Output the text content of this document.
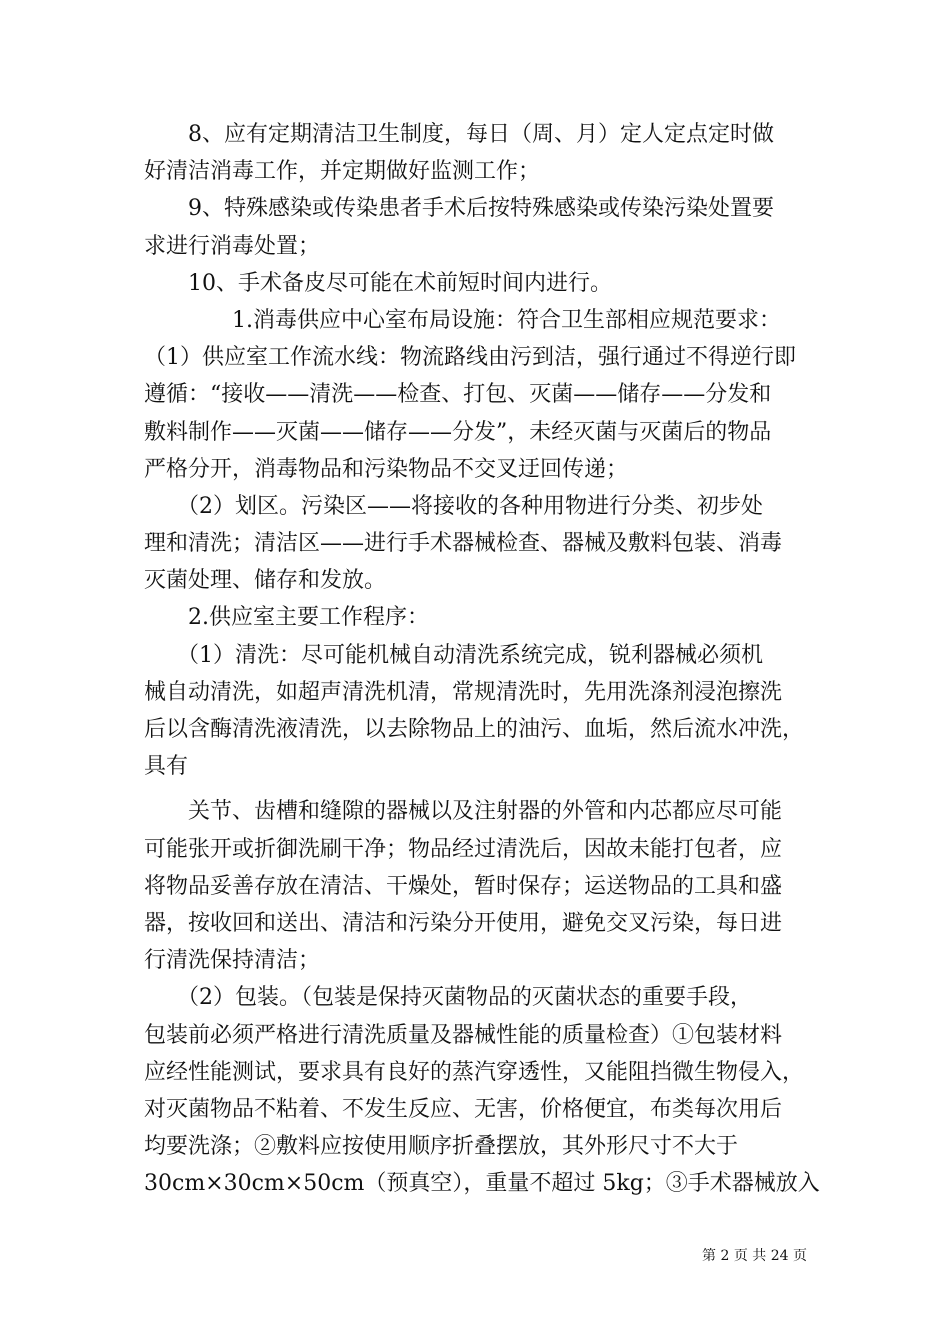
　　8、应有定期清洁卫生制度，每日（周、月）定人定点定时做
好清洁消毒工作，并定期做好监测工作；
　　9、特殊感染或传染患者手术后按特殊感染或传染污染处置要
求进行消毒处置；
　　10、手术备皮尽可能在术前短时间内进行。
　　　　1.消毒供应中心室布局设施：符合卫生部相应规范要求：
（1）供应室工作流水线：物流路线由污到洁，强行通过不得逆行即
遵循：“接收——清洗——检查、打包、灭菌——储存——分发和
敷料制作——灭菌——储存——分发”，未经灭菌与灭菌后的物品
严格分开，消毒物品和污染物品不交叉迂回传递；
　　（2）划区。污染区——将接收的各种用物进行分类、初步处
理和清洗；清洁区——进行手术器械检查、器械及敷料包装、消毒
灭菌处理、储存和发放。
　　2.供应室主要工作程序：
　　（1）清洗：尽可能机械自动清洗系统完成，锐利器械必须机
械自动清洗，如超声清洗机清，常规清洗时，先用洗涤剂浸泡擦洗
后以含酶清洗液清洗，以去除物品上的油污、血垢，然后流水冲洗，
具有
　　关节、齿槽和缝隙的器械以及注射器的外管和内芯都应尽可能
可能张开或折御洗刷干净；物品经过清洗后，因故未能打包者，应
将物品妥善存放在清洁、干燥处，暂时保存；运送物品的工具和盛
器，按收回和送出、清洁和污染分开使用，避免交叉污染，每日进
行清洗保持清洁；
　　（2）包装。（包装是保持灭菌物品的灭菌状态的重要手段，
包装前必须严格进行清洗质量及器械性能的质量检查）①包装材料
应经性能测试，要求具有良好的蒸汽穿透性，又能阻挡微生物侵入，
对灭菌物品不粘着、不发生反应、无害，价格便宜，布类每次用后
均要洗涤；②敷料应按使用顺序折叠摆放，其外形尺寸不大于
30cm×30cm×50cm（预真空），重量不超过 5kg；③手术器械放入
第 2 页 共 24 页
